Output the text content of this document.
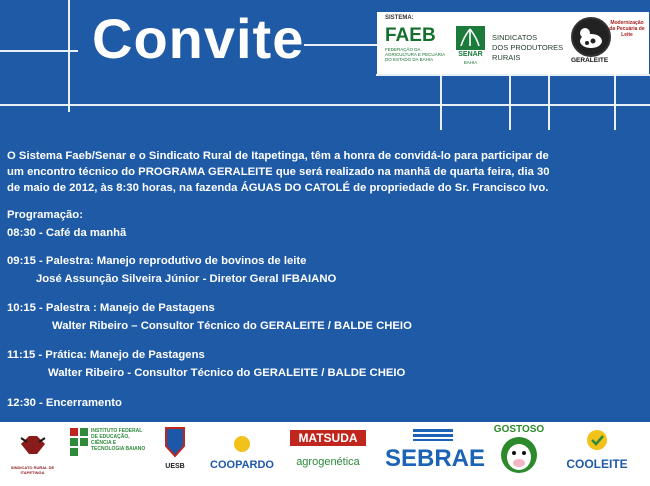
Convite	SISTEMA:
FAEB
FEDERAÇÃO DA AGRICULTURA E PECUÁRIA DO ESTADO DA BAHIA
SENAR
BAHIA
SINDICATOS
DOS PRODUTORES
RURAIS
Modernização da Pecuária de Leite
GERALEITE
O Sistema Faeb/Senar e o Sindicato Rural de Itapetinga, têm a honra de convidá-lo para participar de
um encontro técnico do PROGRAMA GERALEITE que será realizado na manhã de quarta feira, dia 30
de maio de 2012, às 8:30 horas, na fazenda ÁGUAS DO CATOLÉ de propriedade do Sr. Francisco Ivo.
Programação:
08:30 - Café da manhã
09:15 - Palestra: Manejo reprodutivo de bovinos de leite
José Assunção Silveira Júnior - Diretor Geral IFBAIANO
10:15 - Palestra : Manejo de Pastagens
Walter Ribeiro – Consultor Técnico do GERALEITE / BALDE CHEIO
11:15 - Prática: Manejo de Pastagens
Walter Ribeiro - Consultor Técnico do GERALEITE / BALDE CHEIO
12:30 - Encerramento
SINDICATO RURAL DE ITAPETINGA
INSTITUTO FEDERAL DE EDUCAÇÃO, CIÊNCIA E TECNOLOGIA BAIANO
UESB	COOPARDO
MATSUDA
agrogenética SEBRAE
GOSTOSO
COOLEITE
